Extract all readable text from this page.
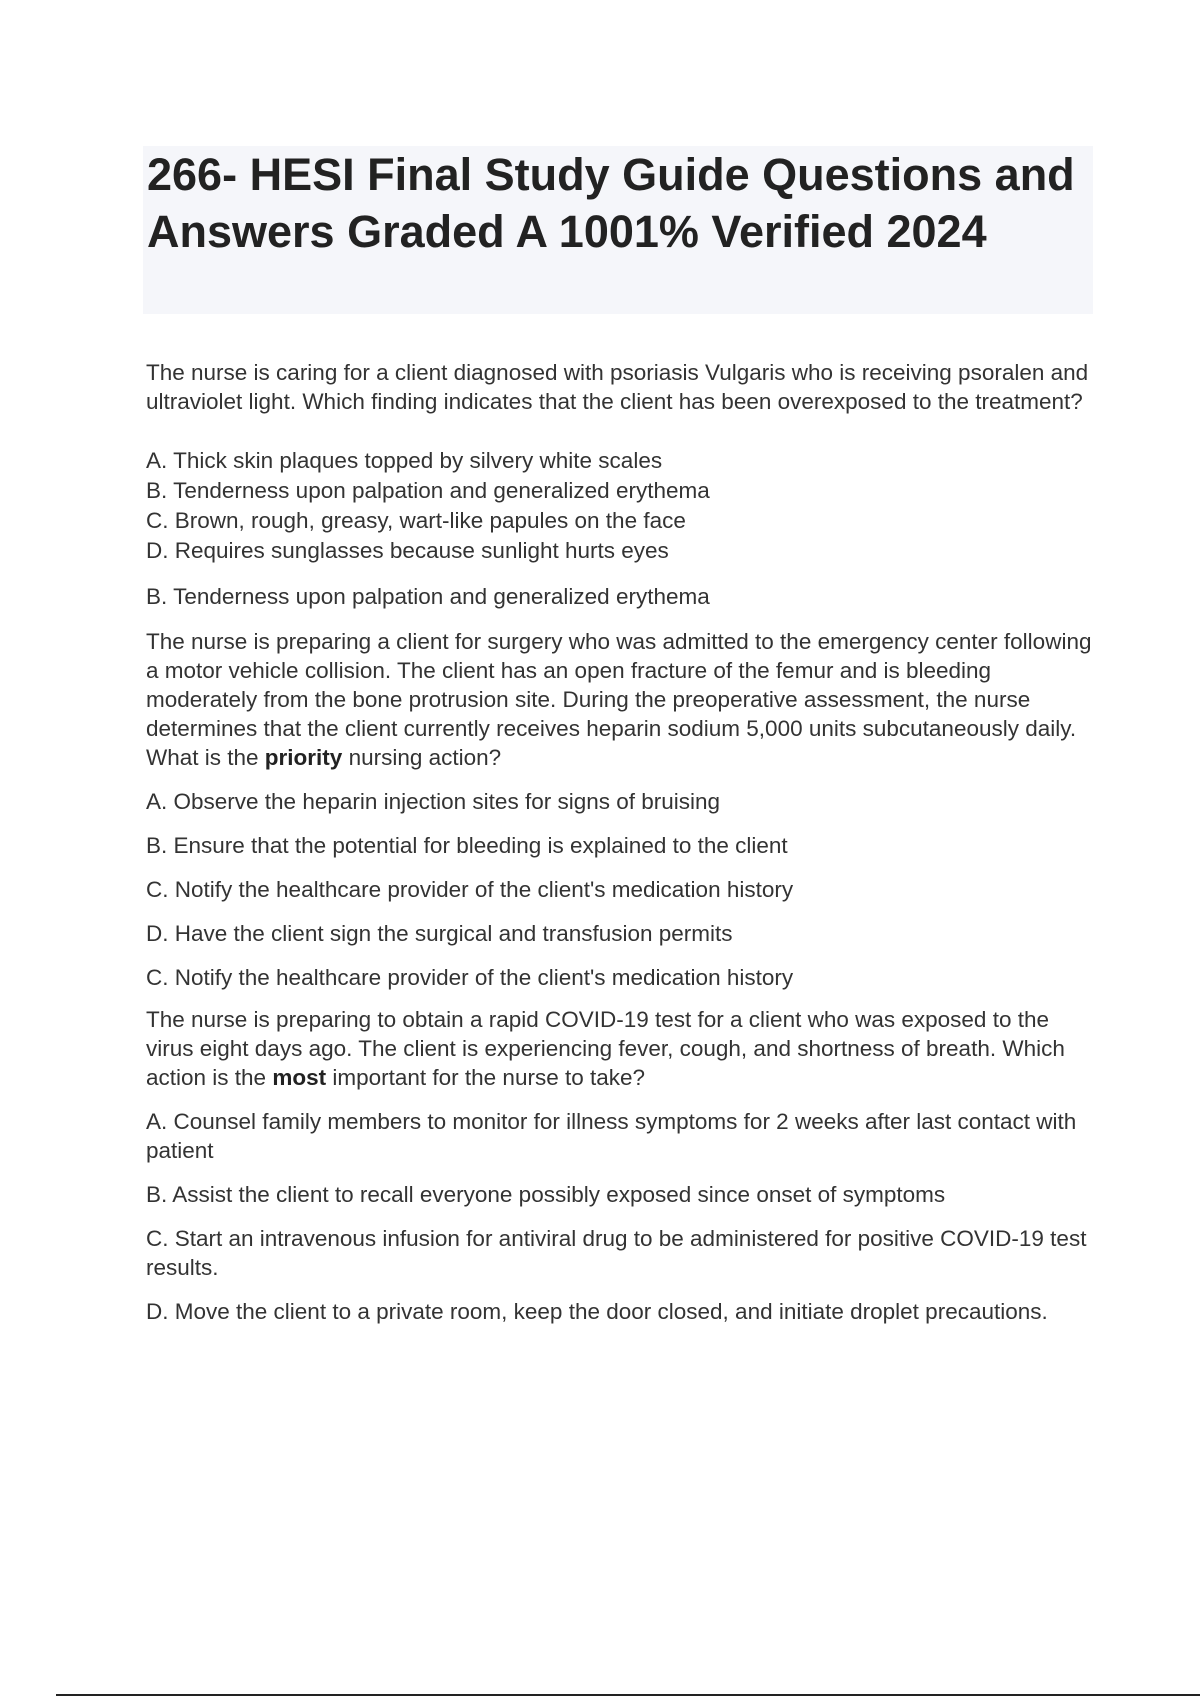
266- HESI Final Study Guide Questions and Answers Graded A 1001% Verified 2024

The nurse is caring for a client diagnosed with psoriasis Vulgaris who is receiving psoralen and ultraviolet light. Which finding indicates that the client has been overexposed to the treatment?

A. Thick skin plaques topped by silvery white scales

B. Tenderness upon palpation and generalized erythema

C. Brown, rough, greasy, wart-like papules on the face

D. Requires sunglasses because sunlight hurts eyes

B. Tenderness upon palpation and generalized erythema

The nurse is preparing a client for surgery who was admitted to the emergency center following a motor vehicle collision. The client has an open fracture of the femur and is bleeding moderately from the bone protrusion site. During the preoperative assessment, the nurse determines that the client currently receives heparin sodium 5,000 units subcutaneously daily. What is the priority nursing action?

A. Observe the heparin injection sites for signs of bruising

B. Ensure that the potential for bleeding is explained to the client

C. Notify the healthcare provider of the client's medication history

D. Have the client sign the surgical and transfusion permits

C. Notify the healthcare provider of the client's medication history

The nurse is preparing to obtain a rapid COVID-19 test for a client who was exposed to the virus eight days ago. The client is experiencing fever, cough, and shortness of breath. Which action is the most important for the nurse to take?

A. Counsel family members to monitor for illness symptoms for 2 weeks after last contact with patient

B. Assist the client to recall everyone possibly exposed since onset of symptoms

C. Start an intravenous infusion for antiviral drug to be administered for positive COVID-19 test results.

D. Move the client to a private room, keep the door closed, and initiate droplet precautions.
